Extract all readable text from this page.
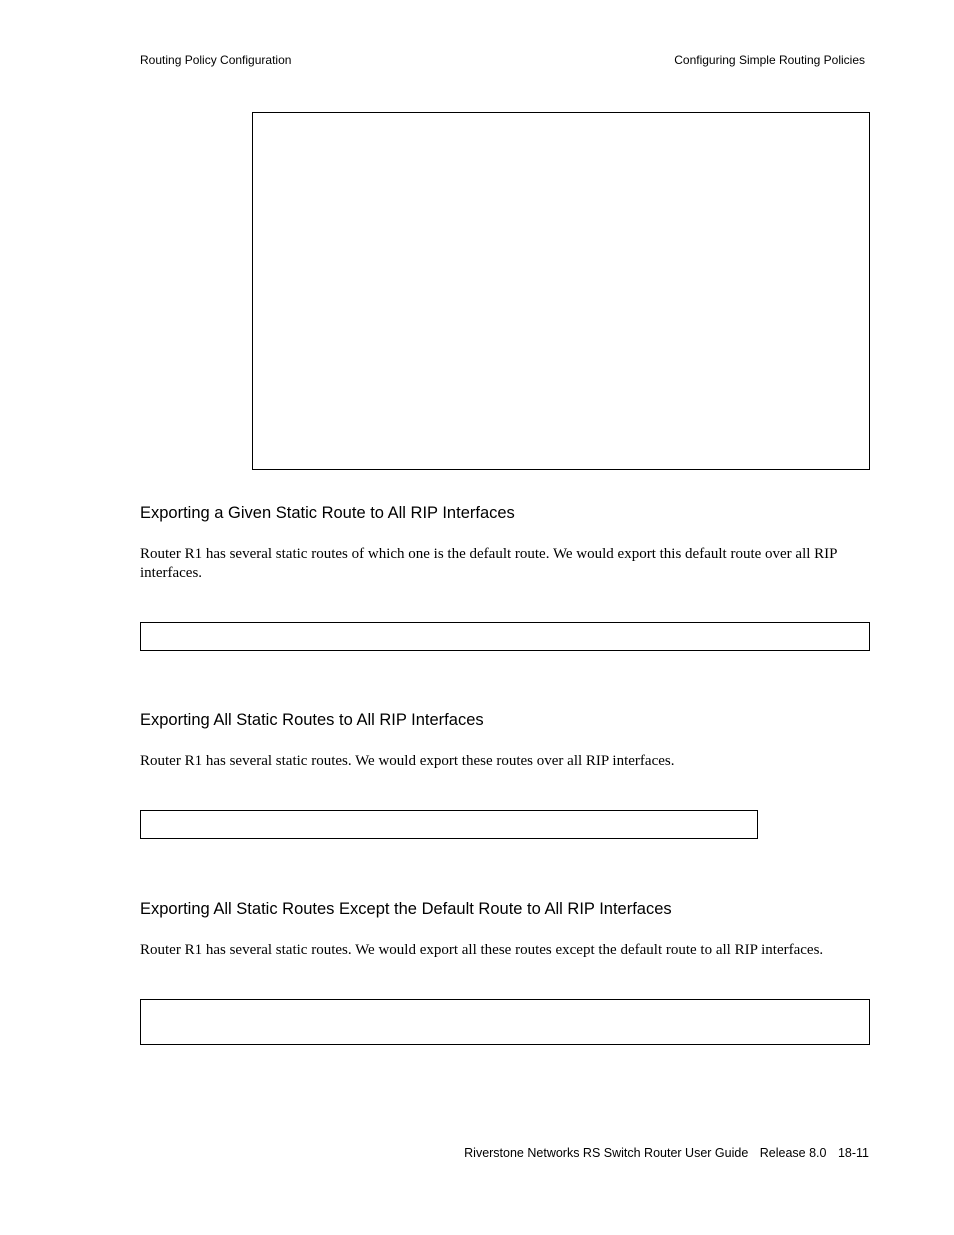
Routing Policy Configuration	Configuring Simple Routing Policies
Exporting a Given Static Route to All RIP Interfaces
Router R1 has several static routes of which one is the default route. We would export this default route over all RIP interfaces.
Exporting All Static Routes to All RIP Interfaces
Router R1 has several static routes. We would export these routes over all RIP interfaces.
Exporting All Static Routes Except the Default Route to All RIP Interfaces
Router R1 has several static routes. We would export all these routes except the default route to all RIP interfaces.
Riverstone Networks RS Switch Router User Guide Release 8.0 18-11
